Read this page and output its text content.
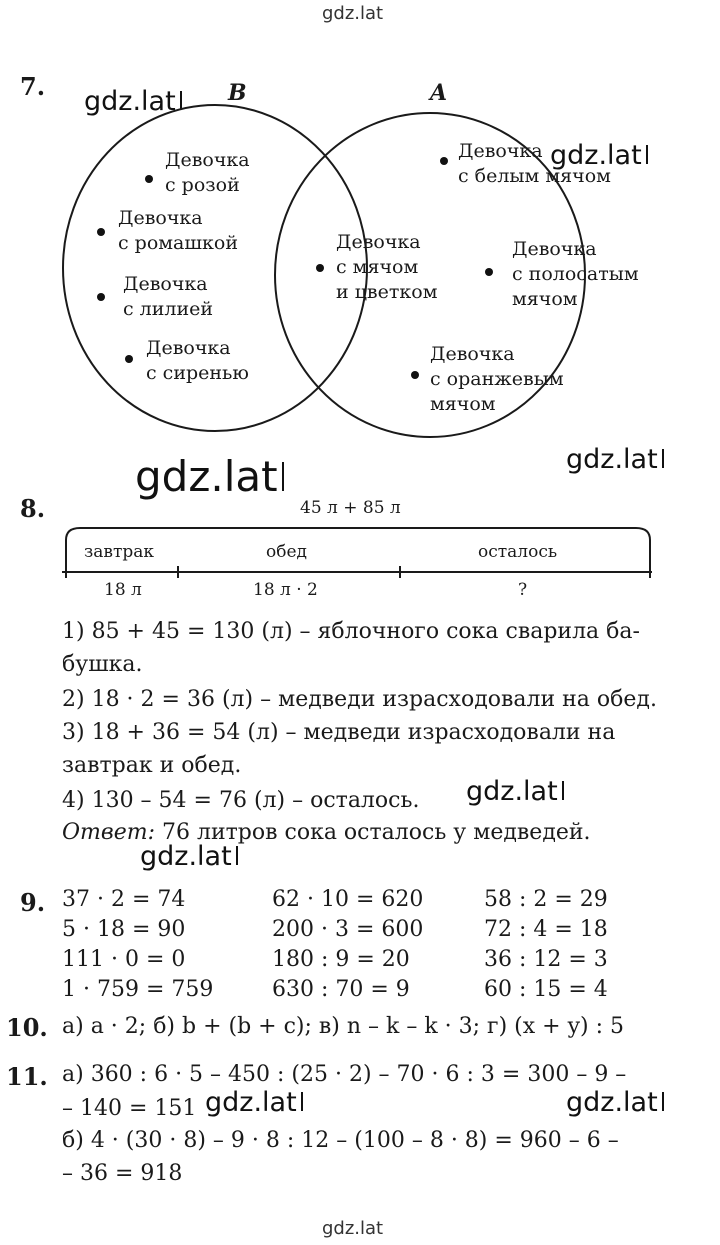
gdz.lat
gdz.lat
gdz.lat
gdz.lat
gdz.lat
gdz.lat
gdz.lat
gdz.lat	gdz.lat
gdz.lat
7.	B	A
Девочка
с розой
Девочка
с ромашкой
Девочка
с лилией
Девочка
с сиренью
Девочка
с мячом
и цветком
Девочка
с белым мячом
Девочка
с полосатым
мячом
Девочка
с оранжевым
мячом
8.	45 л + 85 л
завтрак	обед	осталось
18 л	18 л · 2	?
1) 85 + 45 = 130 (л) – яблочного сока сварила ба-
бушка.
2) 18 · 2 = 36 (л) – медведи израсходовали на обед.
3) 18 + 36 = 54 (л) – медведи израсходовали на
завтрак и обед.
4) 130 – 54 = 76 (л) – осталось.
Ответ: 76 литров сока осталось у медведей.
9. 37 · 2 = 74	62 · 10 = 620	58 : 2 = 29
5 · 18 = 90	200 · 3 = 600	72 : 4 = 18
111 · 0 = 0	180 : 9 = 20	36 : 12 = 3
1 · 759 = 759	630 : 70 = 9	60 : 15 = 4
10. а) a · 2; б) b + (b + c); в) n – k – k · 3; г) (x + y) : 5
11. а) 360 : 6 · 5 – 450 : (25 · 2) – 70 · 6 : 3 = 300 – 9 –
– 140 = 151
б) 4 · (30 · 8) – 9 · 8 : 12 – (100 – 8 · 8) = 960 – 6 –
– 36 = 918
